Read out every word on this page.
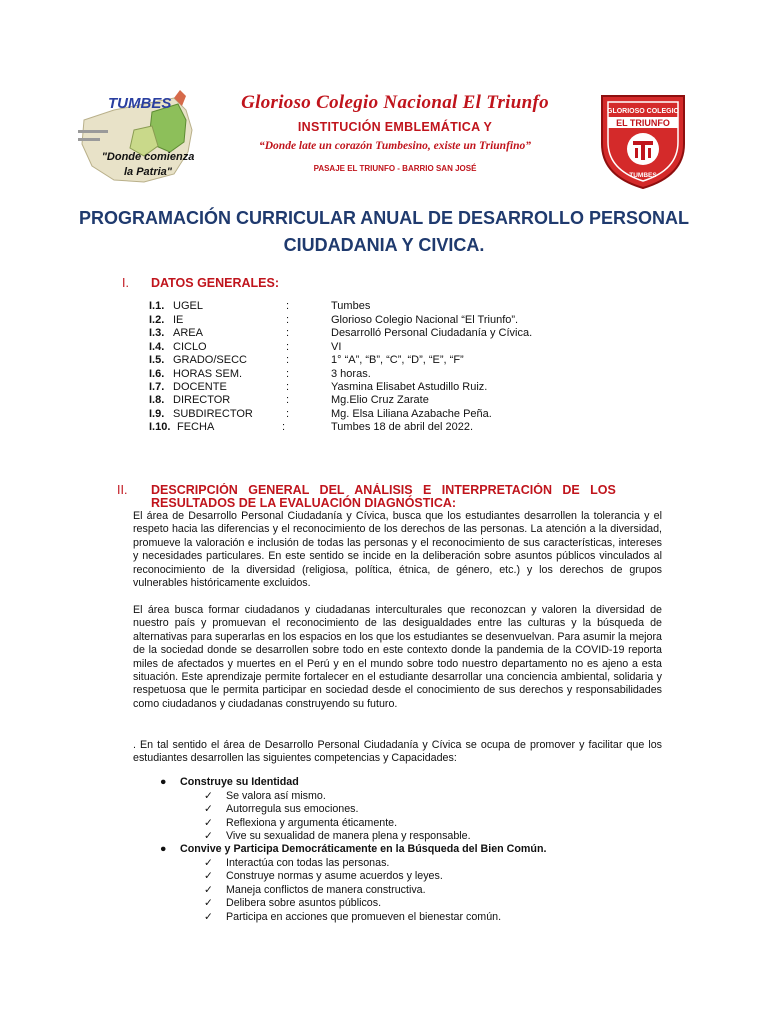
TUMBES
"Donde comienza la Patria"
Glorioso Colegio Nacional El Triunfo
INSTITUCIÓN EMBLEMÁTICA Y
“Donde late un corazón Tumbesino, existe un Triunfino”
PASAJE EL TRIUNFO - BARRIO SAN JOSÉ
GLORIOSO COLEGIO
EL TRIUNFO
TUMBES
PROGRAMACIÓN CURRICULAR ANUAL DE DESARROLLO PERSONAL
CIUDADANIA Y CIVICA.
I. DATOS GENERALES:
I.1. UGEL	:	Tumbes
I.2. IE	:	Glorioso Colegio Nacional “El Triunfo”.
I.3. AREA	:	Desarrolló Personal Ciudadanía y Cívica.
I.4. CICLO	:	VI
I.5. GRADO/SECC	:	1° “A”, “B”, “C”, “D”, “E”, “F”
I.6. HORAS SEM.	:	3 horas.
I.7. DOCENTE	:	Yasmina Elisabet Astudillo Ruiz.
I.8. DIRECTOR	:	Mg.Elio Cruz Zarate
I.9. SUBDIRECTOR	:	Mg. Elsa Liliana Azabache Peña.
I.10. FECHA	:	Tumbes 18 de abril del 2022.
II. DESCRIPCIÓN   GENERAL   DEL   ANÁLISIS   E   INTERPRETACIÓN   DE   LOS
RESULTADOS DE LA EVALUACIÓN DIAGNÓSTICA:
El área de Desarrollo Personal Ciudadanía y Cívica, busca que los estudiantes desarrollen la tolerancia y el respeto hacia las diferencias y el reconocimiento de los derechos de las personas. La atención a la diversidad, promueve la valoración e inclusión de todas las personas y el reconocimiento de sus características, intereses y necesidades particulares. En este sentido se incide en la deliberación sobre asuntos públicos vinculados al reconocimiento de la diversidad (religiosa, política, étnica, de género, etc.) y los derechos de grupos vulnerables históricamente excluidos.
El área busca formar ciudadanos y ciudadanas interculturales que reconozcan y valoren la diversidad de nuestro país y promuevan el reconocimiento de las desigualdades entre las culturas y la búsqueda de alternativas para superarlas en los espacios en los que los estudiantes se desenvuelvan. Para asumir la mejora de la sociedad donde se desarrollen sobre todo en este contexto donde la pandemia de la COVID-19 reporta miles de afectados y muertes en el Perú y en el mundo sobre todo nuestro departamento no es ajeno a esta situación. Este aprendizaje permite fortalecer en el estudiante desarrollar una conciencia ambiental, solidaria y respetuosa que le permita participar en sociedad desde el conocimiento de sus derechos y responsabilidades como ciudadanos y ciudadanas construyendo su futuro.
. En tal sentido el área de Desarrollo Personal Ciudadanía y Cívica se ocupa de promover y facilitar que los estudiantes desarrollen las siguientes competencias y Capacidades:
● Construye su Identidad
✓ Se valora así mismo.
✓ Autorregula sus emociones.
✓ Reflexiona y argumenta éticamente.
✓ Vive su sexualidad de manera plena y responsable.
● Convive y Participa Democráticamente en la Búsqueda del Bien Común.
✓ Interactúa con todas las personas.
✓ Construye normas y asume acuerdos y leyes.
✓ Maneja conflictos de manera constructiva.
✓ Delibera sobre asuntos públicos.
✓ Participa en acciones que promueven el bienestar común.
